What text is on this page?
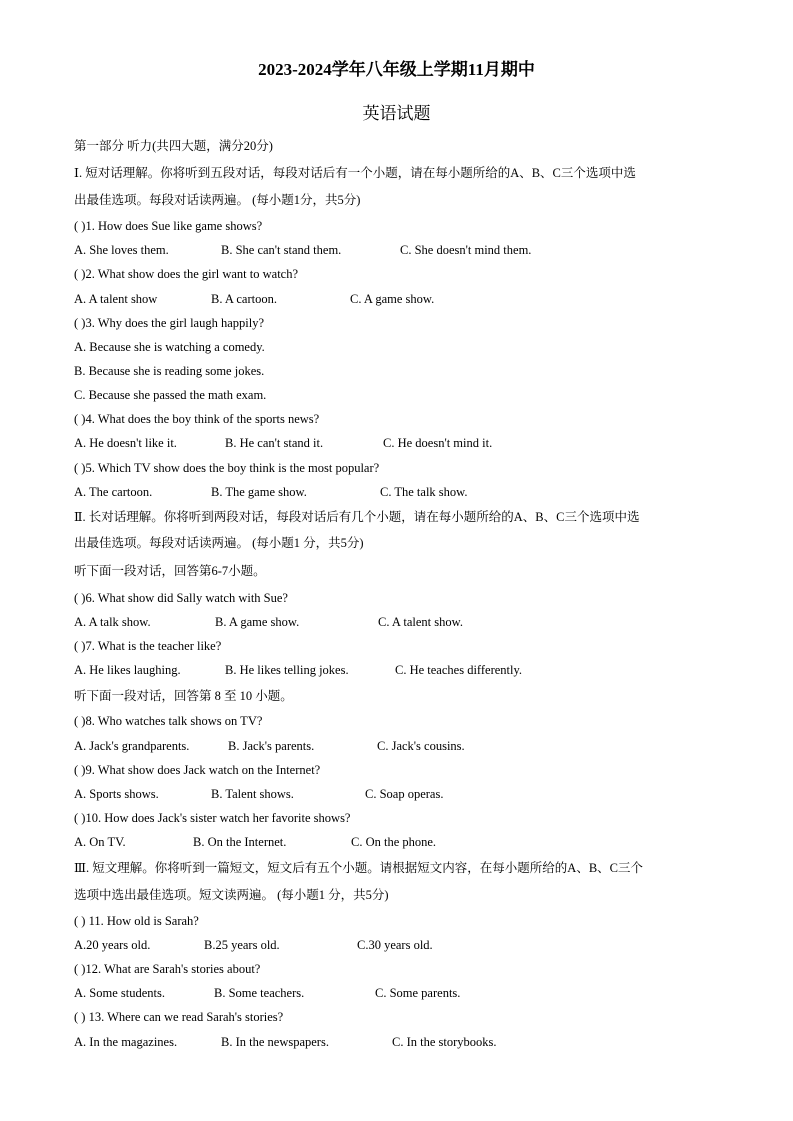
2023-2024学年八年级上学期11月期中
英语试题
第一部分 听力(共四大题，满分20分)
Ⅰ. 短对话理解。你将听到五段对话，每段对话后有一个小题，请在每小题所给的A、B、C三个选项中选
出最佳选项。每段对话读两遍。 (每小题1分，共5分)
( )1. How does Sue like game shows?
A. She loves them.	B. She can't stand them.	C. She doesn't mind them.
( )2. What show does the girl want to watch?
A. A talent show	B. A cartoon.	C. A game show.
( )3. Why does the girl laugh happily?
A. Because she is watching a comedy.
B. Because she is reading some jokes.
C. Because she passed the math exam.
( )4. What does the boy think of the sports news?
A. He doesn't like it.	B. He can't stand it.	C. He doesn't mind it.
( )5. Which TV show does the boy think is the most popular?
A. The cartoon.	B. The game show.	C. The talk show.
Ⅱ. 长对话理解。你将听到两段对话，每段对话后有几个小题，请在每小题所给的A、B、C三个选项中选
出最佳选项。每段对话读两遍。 (每小题1 分，共5分)
听下面一段对话，回答第6-7小题。
( )6. What show did Sally watch with Sue?
A. A talk show.	B. A game show.	C. A talent show.
( )7. What is the teacher like?
A. He likes laughing.	B. He likes telling jokes.	C. He teaches differently.
听下面一段对话，回答第 8 至 10 小题。
( )8. Who watches talk shows on TV?
A. Jack's grandparents.	B. Jack's parents.	C. Jack's cousins.
( )9. What show does Jack watch on the Internet?
A. Sports shows.	B. Talent shows.	C. Soap operas.
( )10. How does Jack's sister watch her favorite shows?
A. On TV.	B. On the Internet.	C. On the phone.
Ⅲ. 短文理解。你将听到一篇短文，短文后有五个小题。请根据短文内容，在每小题所给的A、B、C三个
选项中选出最佳选项。短文读两遍。 (每小题1 分，共5分)
( ) 11. How old is Sarah?
A.20 years old.	B.25 years old.	C.30 years old.
( )12. What are Sarah's stories about?
A. Some students.	B. Some teachers.	C. Some parents.
( ) 13. Where can we read Sarah's stories?
A. In the magazines.	B. In the newspapers.	C. In the storybooks.
